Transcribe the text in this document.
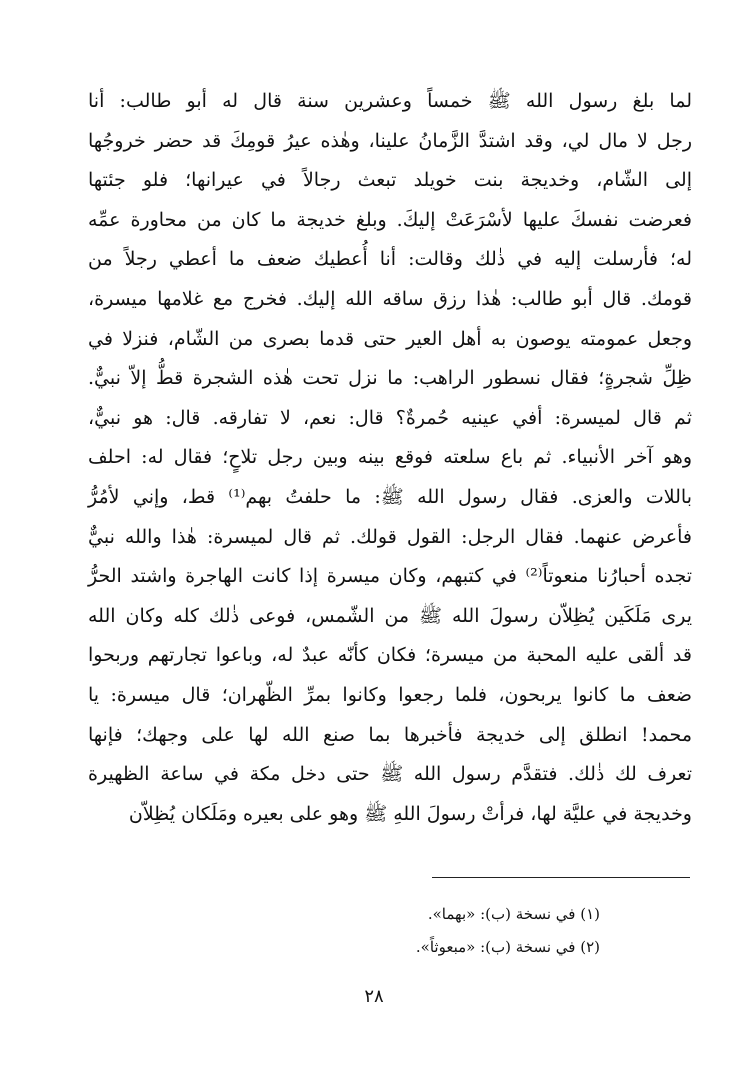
لما بلغ رسول الله ﷺ خمساً وعشرين سنة قال له أبو طالب: أنا
رجل لا مال لي، وقد اشتدَّ الزَّمانُ علينا، وهٰذه عيرُ قومِكَ قد حضر خروجُها
إلى الشّام، وخديجة بنت خويلد تبعث رجالاً في عيرانها؛ فلو جئتها
فعرضت نفسكَ عليها لأسْرَعَتْ إليكَ. وبلغ خديجة ما كان من محاورة عمِّه
له؛ فأرسلت إليه في ذٰلك وقالت: أنا أُعطيك ضعف ما أعطي رجلاً من
قومك. قال أبو طالب: هٰذا رزق ساقه الله إليك. فخرج مع غلامها ميسرة،
وجعل عمومته يوصون به أهل العير حتى قدما بصرى من الشّام، فنزلا في
ظِلِّ شجرةٍ؛ فقال نسطور الراهب: ما نزل تحت هٰذه الشجرة قطُّ إلاّ نبيٌّ.
ثم قال لميسرة: أفي عينيه حُمرةٌ؟ قال: نعم، لا تفارقه. قال: هو نبيٌّ،
وهو آخر الأنبياء. ثم باع سلعته فوقع بينه وبين رجل تلاحٍ؛ فقال له: احلف
باللات والعزى. فقال رسول الله ﷺ: ما حلفتُ بهم⁽¹⁾ قط، وإني لأمُرُّ
فأعرض عنهما. فقال الرجل: القول قولك. ثم قال لميسرة: هٰذا والله نبيٌّ
تجده أحبارُنا منعوتاً⁽²⁾ في كتبهم، وكان ميسرة إذا كانت الهاجرة واشتد الحرُّ
يرى مَلَكَين يُظِلاّن رسولَ الله ﷺ من الشّمس، فوعى ذٰلك كله وكان الله
قد ألقى عليه المحبة من ميسرة؛ فكان كأنّه عبدٌ له، وباعوا تجارتهم وربحوا
ضعف ما كانوا يربحون، فلما رجعوا وكانوا بمرِّ الظّهران؛ قال ميسرة: يا
محمد! انطلق إلى خديجة فأخبرها بما صنع الله لها على وجهك؛ فإنها
تعرف لك ذٰلك. فتقدَّم رسول الله ﷺ حتى دخل مكة في ساعة الظهيرة
وخديجة في عليَّة لها، فرأتْ رسولَ اللهِ ﷺ وهو على بعيره ومَلَكان يُظِلاّن
(١) في نسخة (ب): «بهما».
(٢) في نسخة (ب): «مبعوثاً».
٢٨
